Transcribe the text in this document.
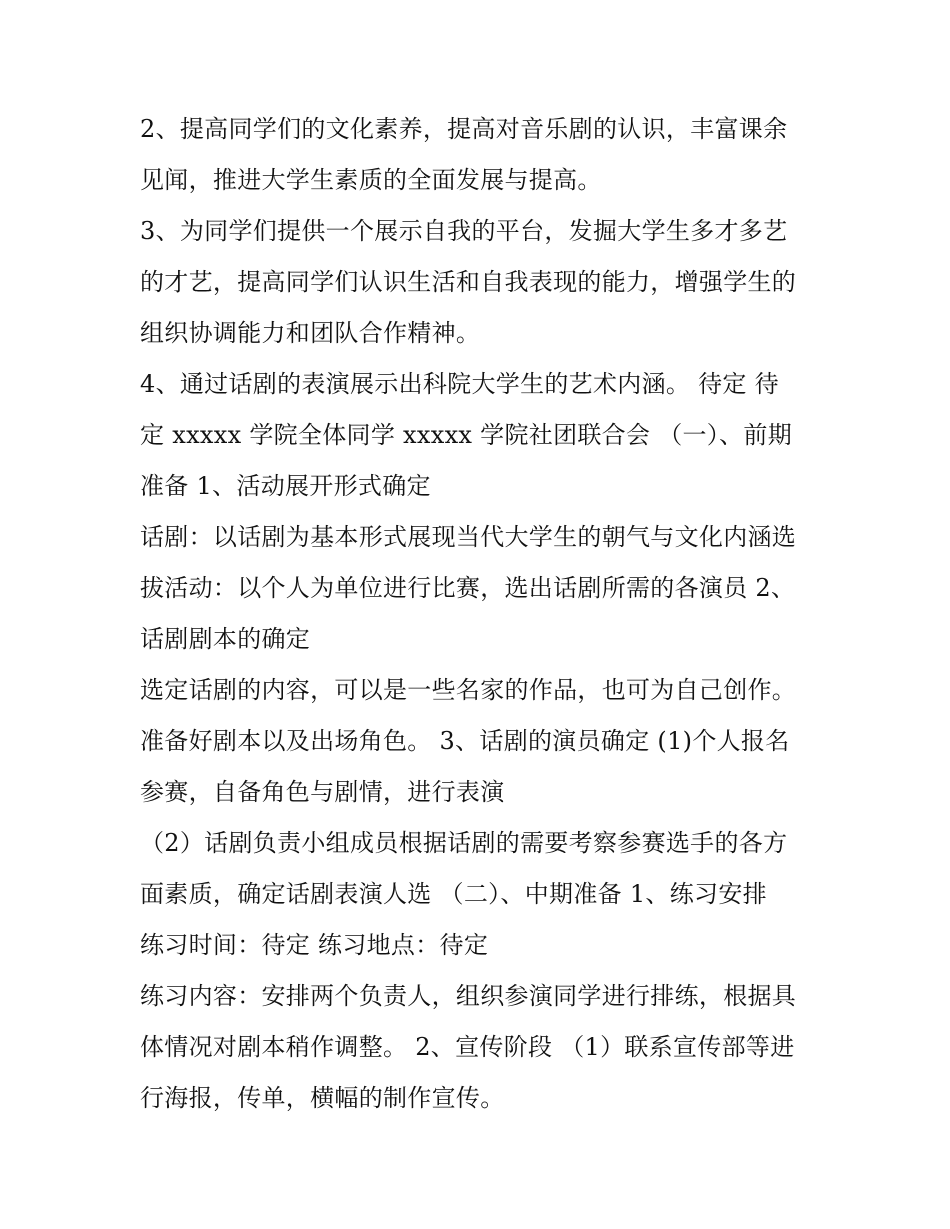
2、提高同学们的文化素养，提高对音乐剧的认识，丰富课余
见闻，推进大学生素质的全面发展与提高。
3、为同学们提供一个展示自我的平台，发掘大学生多才多艺
的才艺，提高同学们认识生活和自我表现的能力，增强学生的
组织协调能力和团队合作精神。
4、通过话剧的表演展示出科院大学生的艺术内涵。 待定 待
定 xxxxx 学院全体同学 xxxxx 学院社团联合会 （一）、前期
准备 1、活动展开形式确定
话剧：以话剧为基本形式展现当代大学生的朝气与文化内涵选
拔活动：以个人为单位进行比赛，选出话剧所需的各演员 2、
话剧剧本的确定
选定话剧的内容，可以是一些名家的作品，也可为自己创作。
准备好剧本以及出场角色。 3、话剧的演员确定 (1)个人报名
参赛，自备角色与剧情，进行表演
（2）话剧负责小组成员根据话剧的需要考察参赛选手的各方
面素质，确定话剧表演人选 （二）、中期准备 1、练习安排
练习时间：待定 练习地点：待定
练习内容：安排两个负责人，组织参演同学进行排练，根据具
体情况对剧本稍作调整。 2、宣传阶段 （1）联系宣传部等进
行海报，传单，横幅的制作宣传。
